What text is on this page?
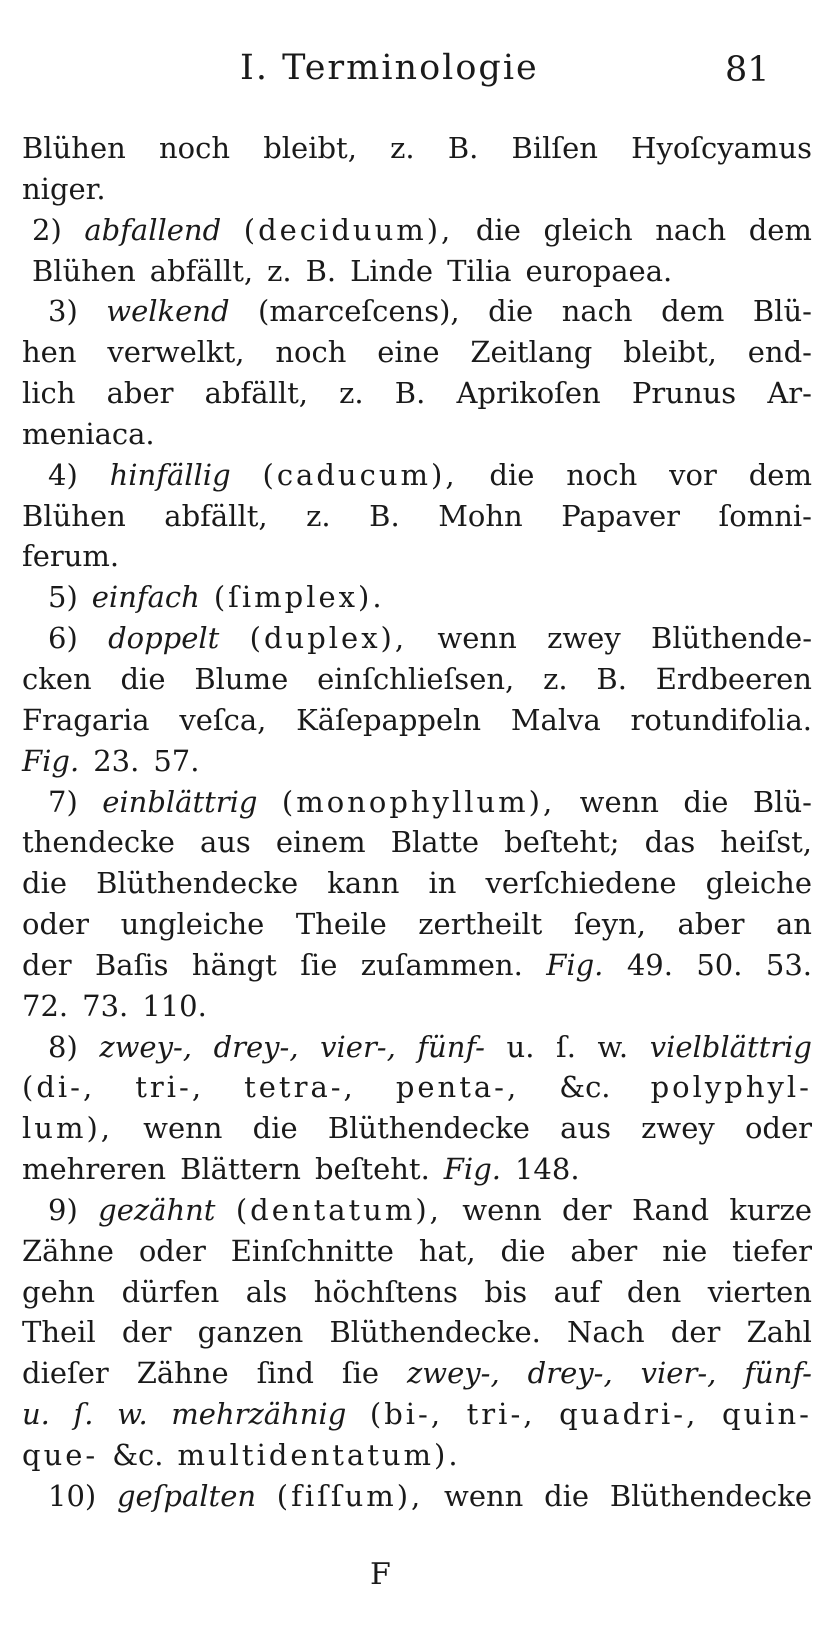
I. Terminologie	81
Blühen noch bleibt, z. B. Bilſen Hyoſcyamus
niger.
2) abfallend (deciduum), die gleich nach dem
Blühen abfällt, z. B. Linde Tilia europaea.
3) welkend (marceſcens), die nach dem Blü-
hen verwelkt, noch eine Zeitlang bleibt, end-
lich aber abfällt, z. B. Aprikoſen Prunus Ar-
meniaca.
4) hinfällig (caducum), die noch vor dem
Blühen abfällt, z. B. Mohn Papaver ſomni-
ferum.
5) einfach (ſimplex).
6) doppelt (duplex), wenn zwey Blüthende-
cken die Blume einſchlieſsen, z. B. Erdbeeren
Fragaria veſca, Käſepappeln Malva rotundifolia.
Fig. 23. 57.
7) einblättrig (monophyllum), wenn die Blü-
thendecke aus einem Blatte beſteht; das heiſst,
die Blüthendecke kann in verſchiedene gleiche
oder ungleiche Theile zertheilt ſeyn, aber an
der Baſis hängt ſie zuſammen. Fig. 49. 50. 53.
72. 73. 110.
8) zwey-, drey-, vier-, fünf- u. ſ. w. vielblättrig
(di-, tri-, tetra-, penta-, &c. polyphyl-
lum), wenn die Blüthendecke aus zwey oder
mehreren Blättern beſteht. Fig. 148.
9) gezähnt (dentatum), wenn der Rand kurze
Zähne oder Einſchnitte hat, die aber nie tiefer
gehn dürfen als höchſtens bis auf den vierten
Theil der ganzen Blüthendecke. Nach der Zahl
dieſer Zähne ſind ſie zwey-, drey-, vier-, fünf-
u. ſ. w. mehrzähnig (bi-, tri-, quadri-, quin-
que- &c. multidentatum).
10) geſpalten (fiſſum), wenn die Blüthendecke
F
